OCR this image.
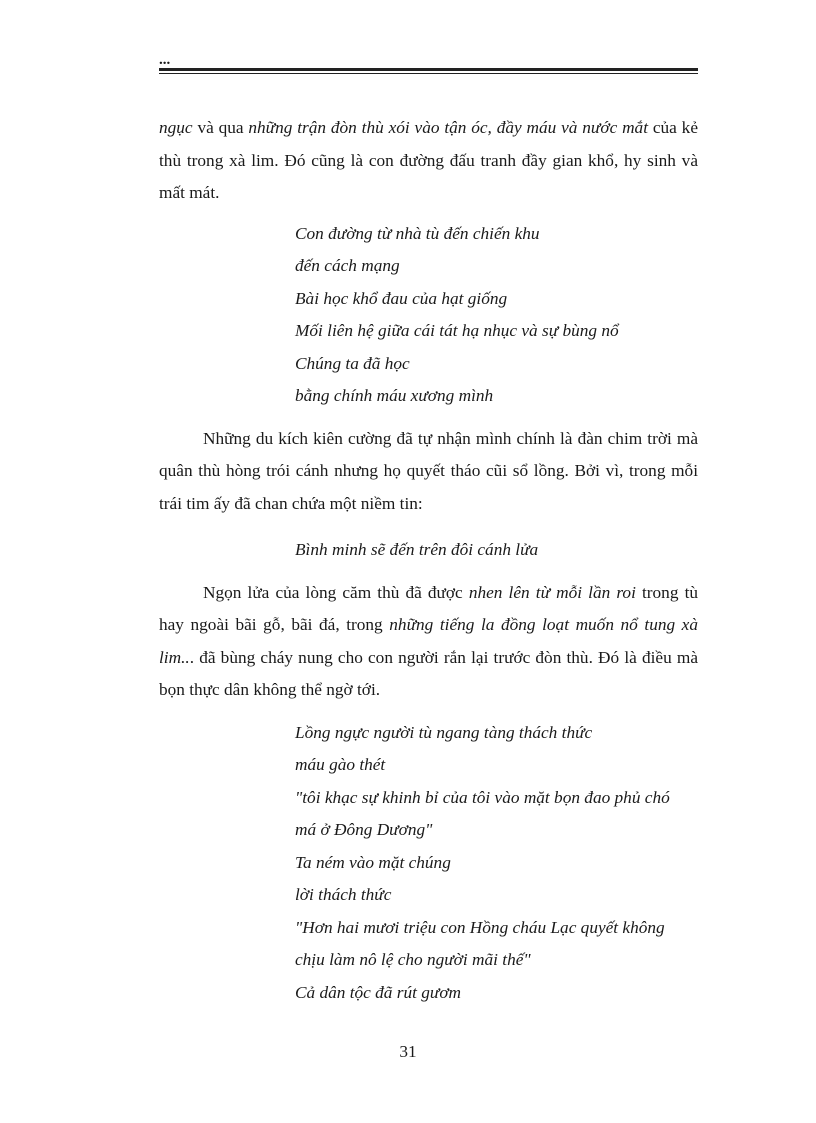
...

ngục và qua những trận đòn thù xói vào tận óc, đầy máu và nước mắt của kẻ thù trong xà lim. Đó cũng là con đường đấu tranh đầy gian khổ, hy sinh và mất mát.

Con đường từ nhà tù đến chiến khu
đến cách mạng
Bài học khổ đau của hạt giống
Mối liên hệ giữa cái tát hạ nhục và sự bùng nổ
Chúng ta đã học
bằng chính máu xương mình

Những du kích kiên cường đã tự nhận mình chính là đàn chim trời mà quân thù hòng trói cánh nhưng họ quyết tháo cũi sổ lồng. Bởi vì, trong mỗi trái tim ấy đã chan chứa một niềm tin:

Bình minh sẽ đến trên đôi cánh lửa

Ngọn lửa của lòng căm thù đã được nhen lên từ mỗi lần roi trong tù hay ngoài bãi gỗ, bãi đá, trong những tiếng la đồng loạt muốn nổ tung xà lim... đã bùng cháy nung cho con người rắn lại trước đòn thù. Đó là điều mà bọn thực dân không thể ngờ tới.

Lồng ngực người tù ngang tàng thách thức
máu gào thét
"tôi khạc sự khinh bỉ của tôi vào mặt bọn đao phủ chó
má ở Đông Dương"
Ta ném vào mặt chúng
lời thách thức
"Hơn hai mươi triệu con Hồng cháu Lạc quyết không
chịu làm nô lệ cho người mãi thế"
Cả dân tộc đã rút gươm
31
